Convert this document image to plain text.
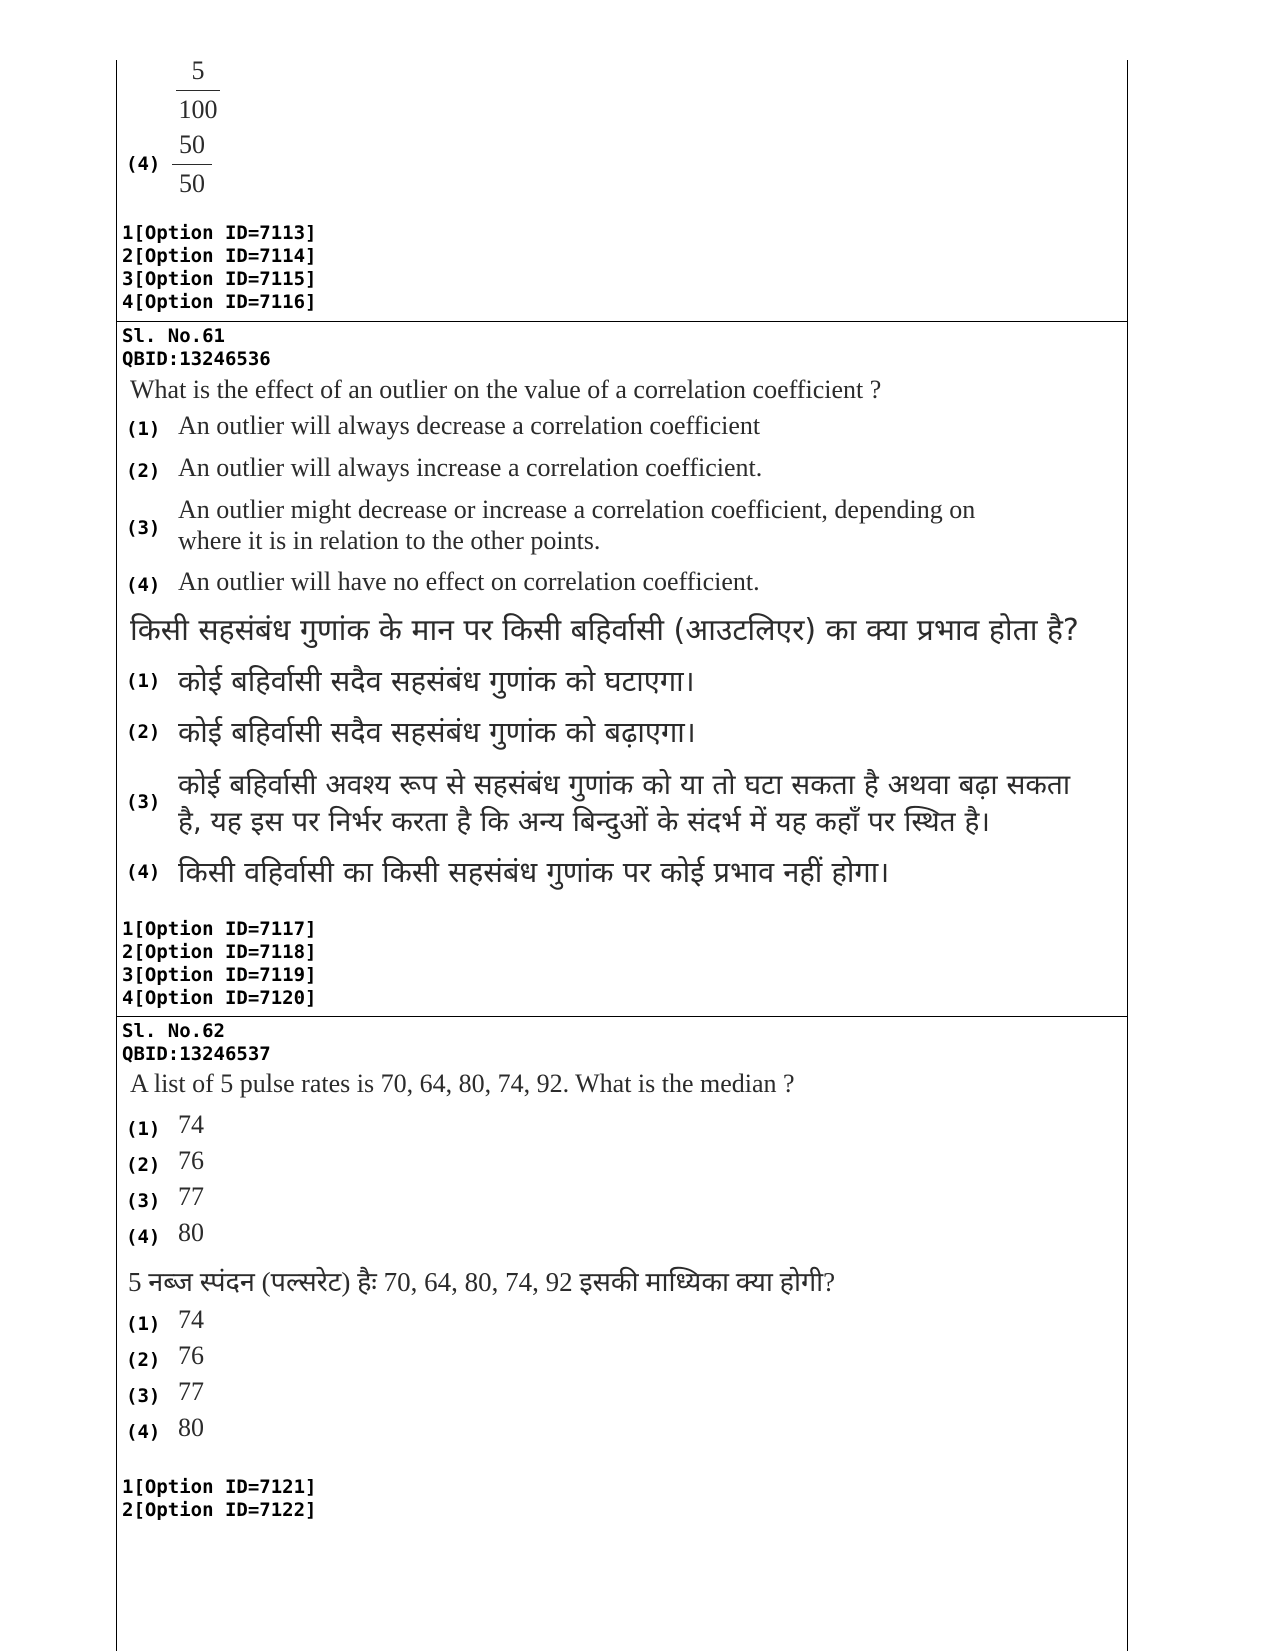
5
100
(4)
50
50
1[Option ID=7113]
2[Option ID=7114]
3[Option ID=7115]
4[Option ID=7116]
Sl. No.61
QBID:13246536
What is the effect of an outlier on the value of a correlation coefficient ?
(1) An outlier will always decrease a correlation coefficient
(2) An outlier will always increase a correlation coefficient.
(3)
An outlier might decrease or increase a correlation coefficient, depending on
where it is in relation to the other points.
(4) An outlier will have no effect on correlation coefficient.
किसी सहसंबंध गुणांक के मान पर किसी बहिर्वासी (आउटलिएर) का क्या प्रभाव होता है?
(1) कोई बहिर्वासी सदैव सहसंबंध गुणांक को घटाएगा।
(2) कोई बहिर्वासी सदैव सहसंबंध गुणांक को बढ़ाएगा।
(3)
कोई बहिर्वासी अवश्य रूप से सहसंबंध गुणांक को या तो घटा सकता है अथवा बढ़ा सकता
है, यह इस पर निर्भर करता है कि अन्य बिन्दुओं के संदर्भ में यह कहाँ पर स्थित है।
(4) किसी वहिर्वासी का किसी सहसंबंध गुणांक पर कोई प्रभाव नहीं होगा।
1[Option ID=7117]
2[Option ID=7118]
3[Option ID=7119]
4[Option ID=7120]
Sl. No.62
QBID:13246537
A list of 5 pulse rates is 70, 64, 80, 74, 92. What is the median ?
(1) 74
(2) 76
(3) 77
(4) 80
5 नब्ज स्पंदन (पल्सरेट) हैः 70, 64, 80, 74, 92 इसकी माध्यिका क्या होगी?
(1) 74
(2) 76
(3) 77
(4) 80
1[Option ID=7121]
2[Option ID=7122]
